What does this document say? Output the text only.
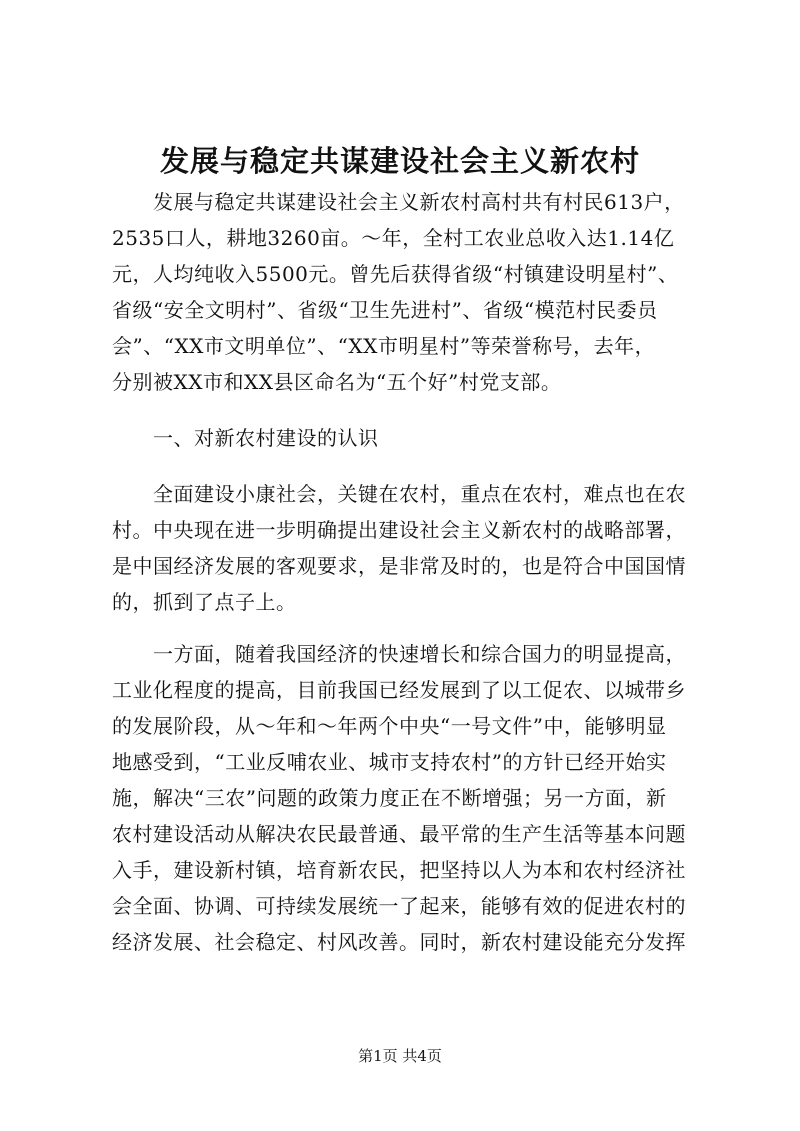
发展与稳定共谋建设社会主义新农村
　　发展与稳定共谋建设社会主义新农村高村共有村民613户，
2535口人，耕地3260亩。～年，全村工农业总收入达1.14亿
元，人均纯收入5500元。曾先后获得省级“村镇建设明星村”、
省级“安全文明村”、省级“卫生先进村”、省级“模范村民委员
会”、“XX市文明单位”、“XX市明星村”等荣誉称号，去年，
分别被XX市和XX县区命名为“五个好”村党支部。
　　一、对新农村建设的认识
　　全面建设小康社会，关键在农村，重点在农村，难点也在农
村。中央现在进一步明确提出建设社会主义新农村的战略部署，
是中国经济发展的客观要求，是非常及时的，也是符合中国国情
的，抓到了点子上。
　　一方面，随着我国经济的快速增长和综合国力的明显提高，
工业化程度的提高，目前我国已经发展到了以工促农、以城带乡
的发展阶段，从～年和～年两个中央“一号文件”中，能够明显
地感受到，“工业反哺农业、城市支持农村”的方针已经开始实
施，解决“三农”问题的政策力度正在不断增强；另一方面，新
农村建设活动从解决农民最普通、最平常的生产生活等基本问题
入手，建设新村镇，培育新农民，把坚持以人为本和农村经济社
会全面、协调、可持续发展统一了起来，能够有效的促进农村的
经济发展、社会稳定、村风改善。同时，新农村建设能充分发挥
第1页 共4页
